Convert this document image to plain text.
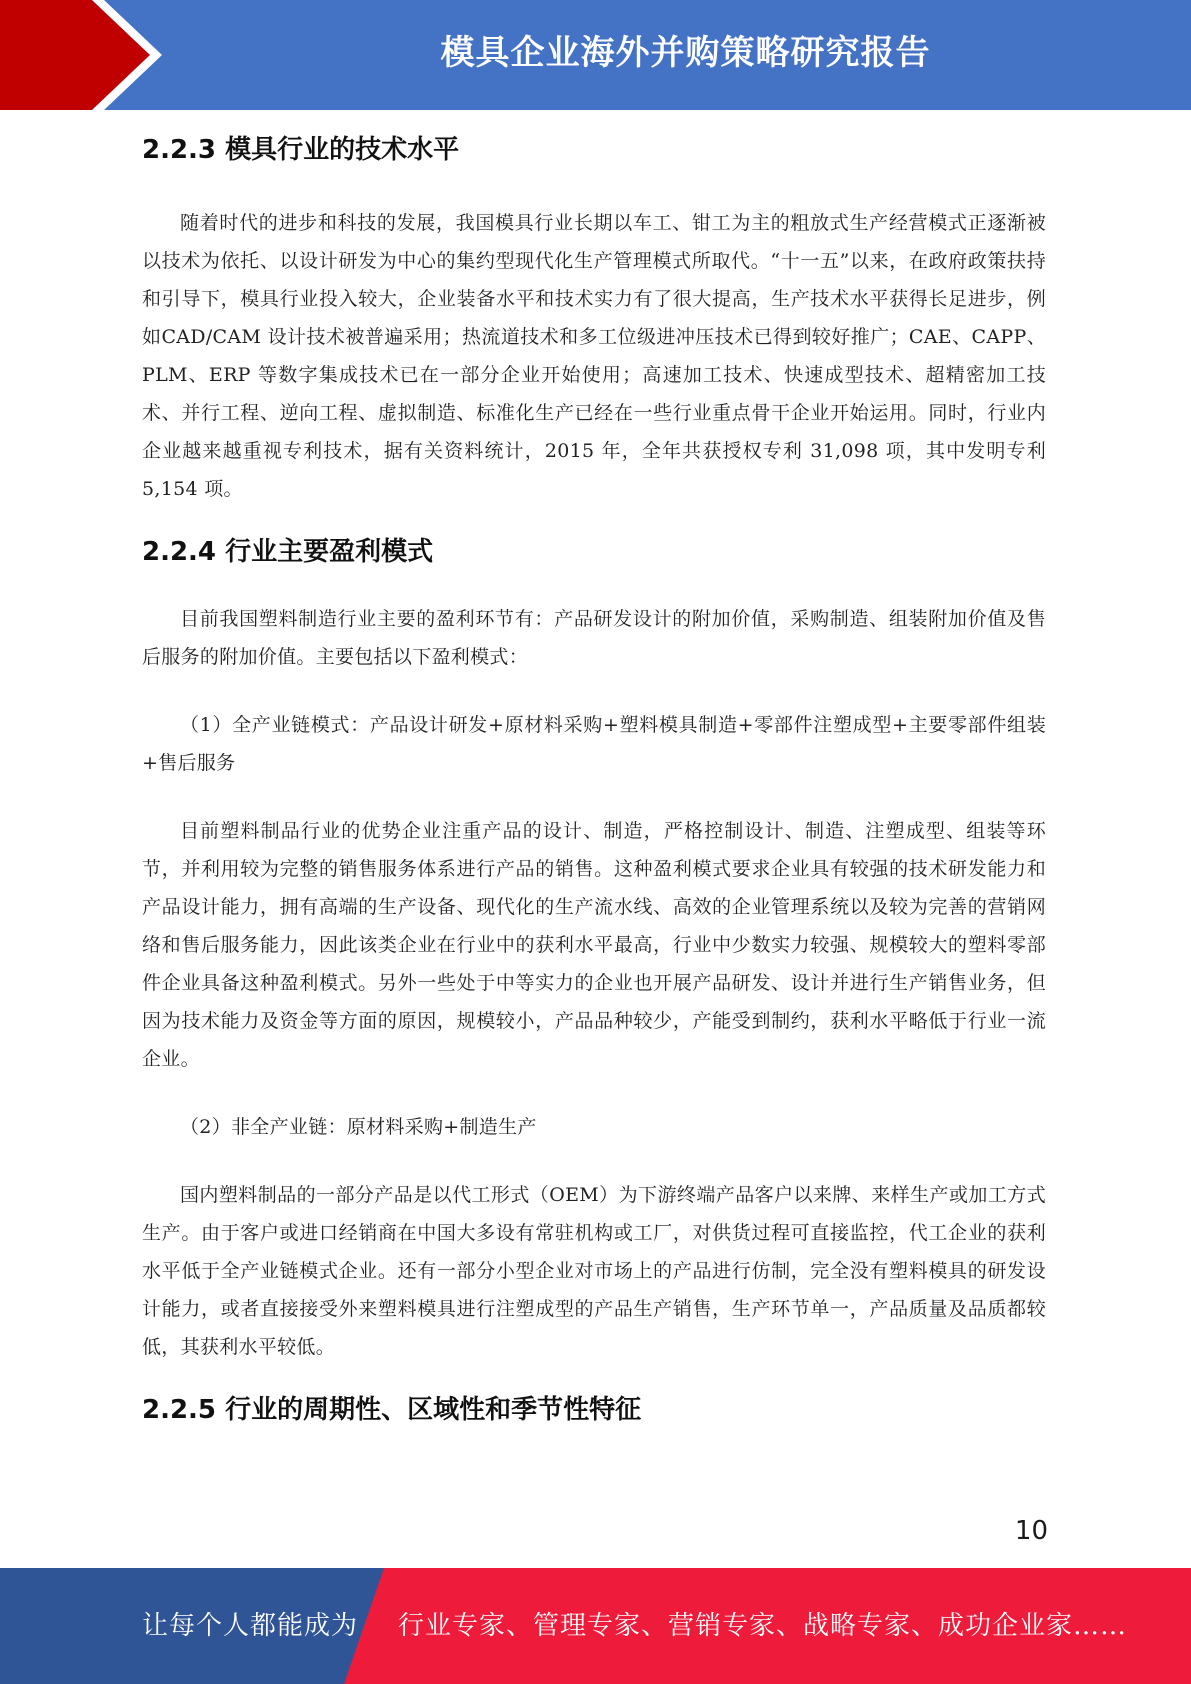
模具企业海外并购策略研究报告
2.2.3 模具行业的技术水平

随着时代的进步和科技的发展，我国模具行业长期以车工、钳工为主的粗放式生产经营模式正逐渐被以技术为依托、以设计研发为中心的集约型现代化生产管理模式所取代。“十一五”以来，在政府政策扶持和引导下，模具行业投入较大，企业装备水平和技术实力有了很大提高，生产技术水平获得长足进步，例如CAD/CAM 设计技术被普遍采用；热流道技术和多工位级进冲压技术已得到较好推广；CAE、CAPP、PLM、ERP 等数字集成技术已在一部分企业开始使用；高速加工技术、快速成型技术、超精密加工技术、并行工程、逆向工程、虚拟制造、标准化生产已经在一些行业重点骨干企业开始运用。同时，行业内企业越来越重视专利技术，据有关资料统计，2015 年，全年共获授权专利 31,098 项，其中发明专利 5,154 项。

2.2.4 行业主要盈利模式

目前我国塑料制造行业主要的盈利环节有：产品研发设计的附加价值，采购制造、组装附加价值及售后服务的附加价值。主要包括以下盈利模式：

（1）全产业链模式：产品设计研发+原材料采购+塑料模具制造+零部件注塑成型+主要零部件组装+售后服务

目前塑料制品行业的优势企业注重产品的设计、制造，严格控制设计、制造、注塑成型、组装等环节，并利用较为完整的销售服务体系进行产品的销售。这种盈利模式要求企业具有较强的技术研发能力和产品设计能力，拥有高端的生产设备、现代化的生产流水线、高效的企业管理系统以及较为完善的营销网络和售后服务能力，因此该类企业在行业中的获利水平最高，行业中少数实力较强、规模较大的塑料零部件企业具备这种盈利模式。另外一些处于中等实力的企业也开展产品研发、设计并进行生产销售业务，但因为技术能力及资金等方面的原因，规模较小，产品品种较少，产能受到制约，获利水平略低于行业一流企业。

（2）非全产业链：原材料采购+制造生产

国内塑料制品的一部分产品是以代工形式（OEM）为下游终端产品客户以来牌、来样生产或加工方式生产。由于客户或进口经销商在中国大多设有常驻机构或工厂，对供货过程可直接监控，代工企业的获利水平低于全产业链模式企业。还有一部分小型企业对市场上的产品进行仿制，完全没有塑料模具的研发设计能力，或者直接接受外来塑料模具进行注塑成型的产品生产销售，生产环节单一，产品质量及品质都较低，其获利水平较低。

2.2.5 行业的周期性、区域性和季节性特征
10
让每个人都能成为 行业专家、管理专家、营销专家、战略专家、成功企业家……
